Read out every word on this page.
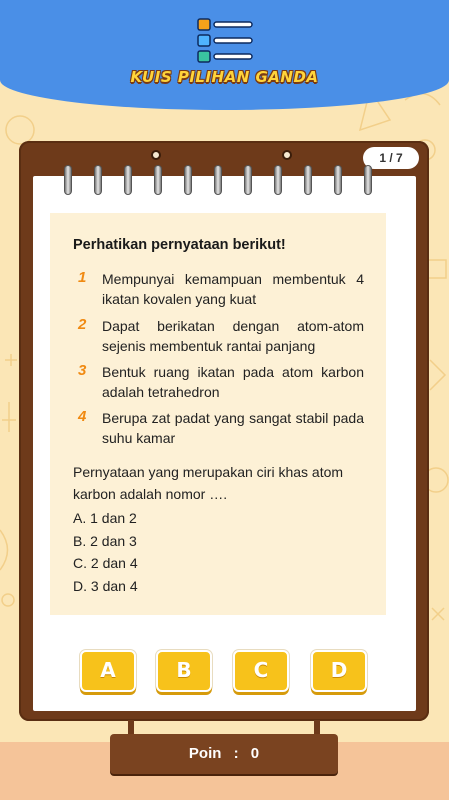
KUIS PILIHAN GANDA
1 / 7
Perhatikan pernyataan berikut!
1 Mempunyai kemampuan membentuk 4 ikatan kovalen yang kuat
2 Dapat berikatan dengan atom-atom sejenis membentuk rantai panjang
3 Bentuk ruang ikatan pada atom karbon adalah tetrahedron
4 Berupa zat padat yang sangat stabil pada suhu kamar
Pernyataan yang merupakan ciri khas atom karbon adalah nomor ….
A. 1 dan 2
B. 2 dan 3
C. 2 dan 4
D. 3 dan 4
A	B	C	D
Poin : 0
